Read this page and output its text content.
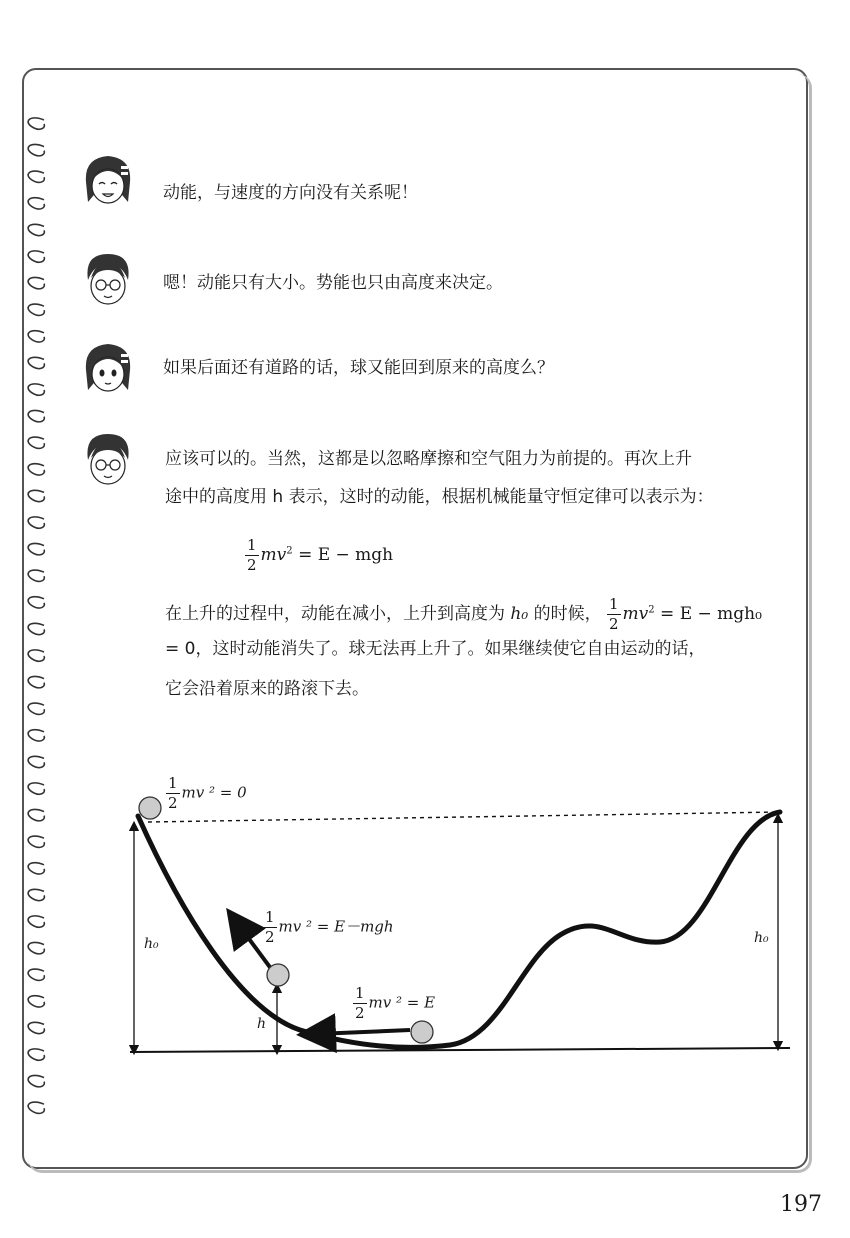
动能，与速度的方向没有关系呢！
嗯！动能只有大小。势能也只由高度来决定。
如果后面还有道路的话，球又能回到原来的高度么？
应该可以的。当然，这都是以忽略摩擦和空气阻力为前提的。再次上升
途中的高度用 h 表示，这时的动能，根据机械能量守恒定律可以表示为：
$\frac{1}{2} mv^2 = E$ − mgh
在上升的过程中，动能在减小，上升到高度为 h₀ 的时候， $\frac{1}{2} mv^2 = E - mgh_0$
= 0，这时动能消失了。球无法再上升了。如果继续使它自由运动的话，
它会沿着原来的路滚下去。
$\frac{1}{2}$ mv ² = 0
$\frac{1}{2}$ mv ² = E－mgh
$\frac{1}{2}$ mv ² = E
h₀	h₀
h
197
